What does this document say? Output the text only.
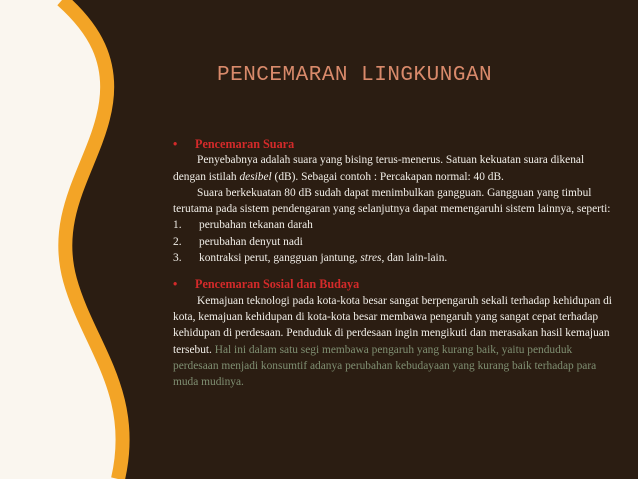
PENCEMARAN LINGKUNGAN
• Pencemaran Suara

Penyebabnya adalah suara yang bising terus-menerus. Satuan kekuatan suara dikenal dengan istilah desibel (dB). Sebagai contoh : Percakapan normal: 40 dB.

Suara berkekuatan 80 dB sudah dapat menimbulkan gangguan. Gangguan yang timbul terutama pada sistem pendengaran yang selanjutnya dapat memengaruhi sistem lainnya, seperti:

1. perubahan tekanan darah
2. perubahan denyut nadi
3. kontraksi perut, gangguan jantung, stres, dan lain-lain.
• Pencemaran Sosial dan Budaya

Kemajuan teknologi pada kota-kota besar sangat berpengaruh sekali terhadap kehidupan di kota, kemajuan kehidupan di kota-kota besar membawa pengaruh yang sangat cepat terhadap kehidupan di perdesaan. Penduduk di perdesaan ingin mengikuti dan merasakan hasil kemajuan tersebut. Hal ini dalam satu segi membawa pengaruh yang kurang baik, yaitu penduduk perdesaan menjadi konsumtif adanya perubahan kebudayaan yang kurang baik terhadap para muda mudinya.
